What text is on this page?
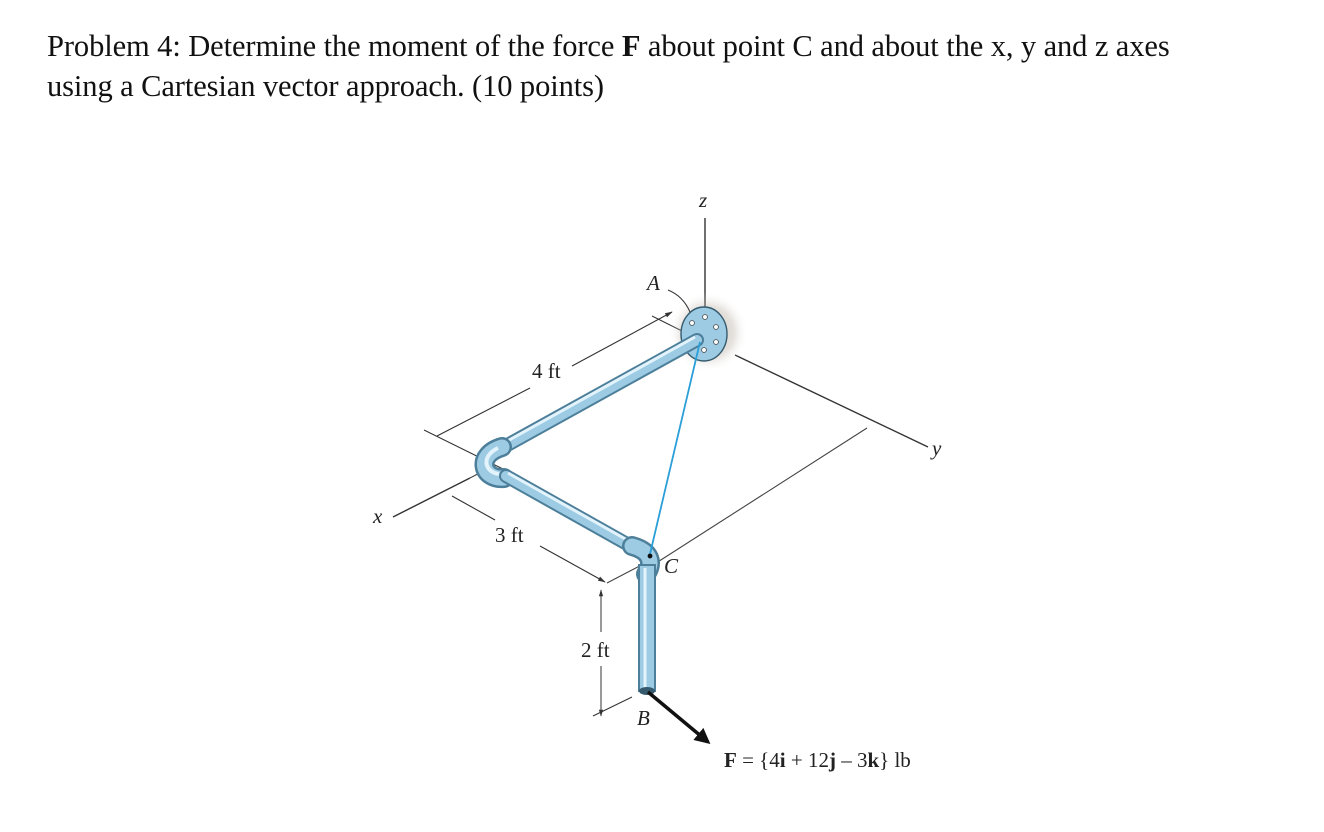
Problem 4: Determine the moment of the force F about point C and about the x, y and z axes
using a Cartesian vector approach. (10 points)
z
y
x
A
C
B
4 ft
3 ft
2 ft
F = {4i + 12j – 3k} lb
